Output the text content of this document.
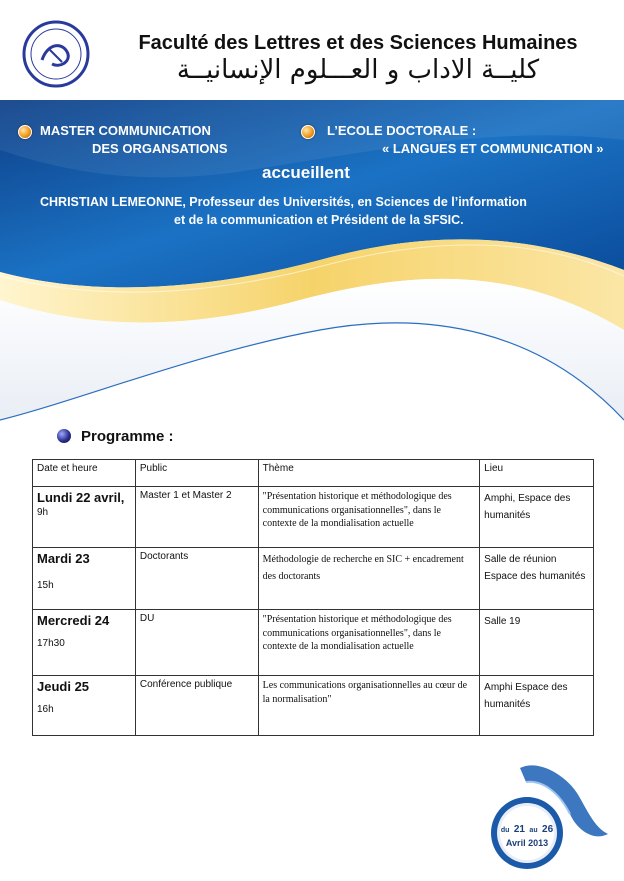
Faculté des Lettres et des Sciences Humaines
كليــة الاداب و العـــلوم الإنسانيــة
MASTER COMMUNICATION
DES ORGANSATIONS
L’ECOLE DOCTORALE :
« LANGUES ET COMMUNICATION »
accueillent
CHRISTIAN LEMEONNE, Professeur des Universités, en Sciences de l’information
et de la communication et Président de la SFSIC.
Programme :
Date et heure	Public	Thème	Lieu

Lundi 22 avril,
9h	Master 1 et Master 2	"Présentation historique et méthodologique des communications organisationnelles", dans le contexte de la mondialisation actuelle	Amphi, Espace des humanités

Mardi 23
15h	Doctorants	Méthodologie de recherche en SIC + encadrement des doctorants	Salle de réunion Espace des humanités

Mercredi 24
17h30	DU	"Présentation historique et méthodologique des communications organisationnelles", dans le contexte de la mondialisation actuelle	Salle 19

Jeudi 25
16h	Conférence publique	Les communications organisationnelles au cœur de la normalisation"	Amphi Espace des humanités
du 21 au 26
Avril 2013
